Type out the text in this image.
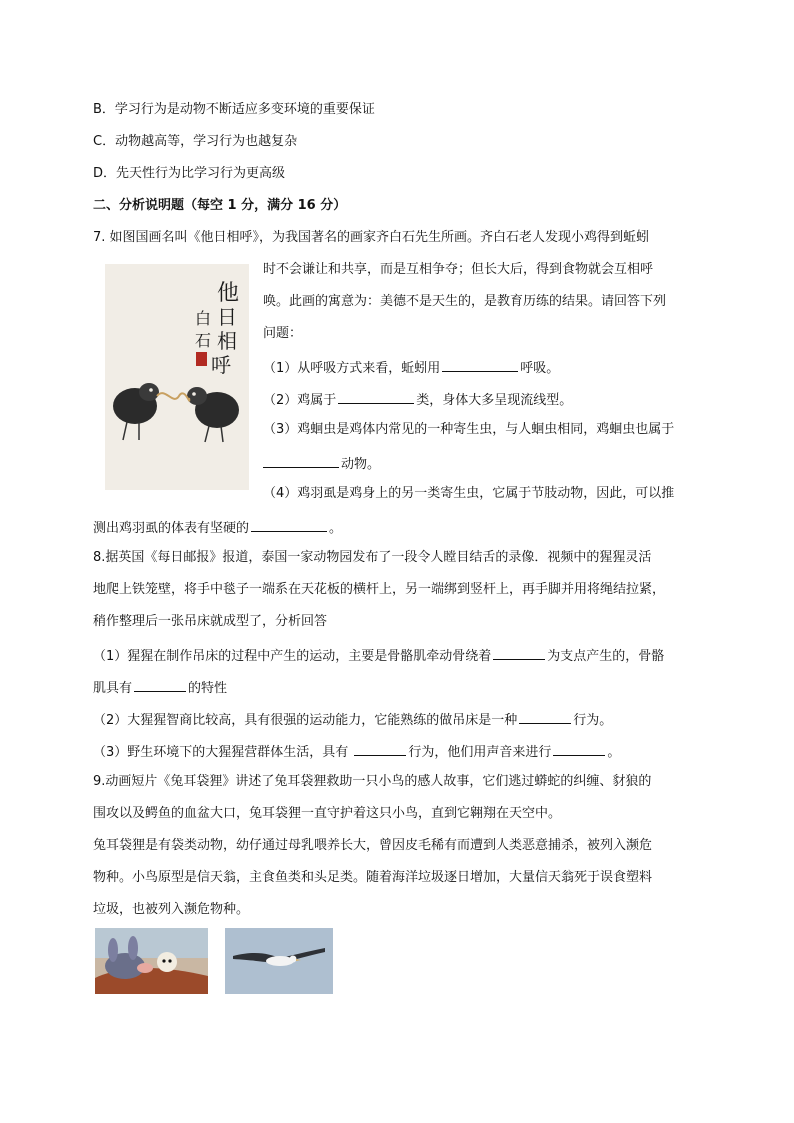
B．学习行为是动物不断适应多变环境的重要保证
C．动物越高等，学习行为也越复杂
D．先天性行为比学习行为更高级
二、分析说明题（每空 1 分，满分 16 分）
7. 如图国画名叫《他日相呼》，为我国著名的画家齐白石先生所画。齐白石老人发现小鸡得到蚯蚓
他
日
相
呼
白
石
时不会谦让和共享，而是互相争夺；但长大后，得到食物就会互相呼
唤。此画的寓意为：美德不是天生的，是教育历练的结果。请回答下列
问题：
（1）从呼吸方式来看，蚯蚓用	呼吸。
（2）鸡属于	类，身体大多呈现流线型。
（3）鸡蛔虫是鸡体内常见的一种寄生虫，与人蛔虫相同，鸡蛔虫也属于
动物。
（4）鸡羽虱是鸡身上的另一类寄生虫，它属于节肢动物，因此，可以推
测出鸡羽虱的体表有坚硬的	。
8.据英国《每日邮报》报道，泰国一家动物园发布了一段令人瞠目结舌的录像．视频中的猩猩灵活
地爬上铁笼壁，将手中毯子一端系在天花板的横杆上，另一端绑到竖杆上，再手脚并用将绳结拉紧，
稍作整理后一张吊床就成型了，分析回答
（1）猩猩在制作吊床的过程中产生的运动，主要是骨骼肌牵动骨绕着	为支点产生的，骨骼
肌具有	的特性
（2）大猩猩智商比较高，具有很强的运动能力，它能熟练的做吊床是一种	行为。
（3）野生环境下的大猩猩营群体生活，具有	行为，他们用声音来进行	。
9.动画短片《兔耳袋狸》讲述了兔耳袋狸救助一只小鸟的感人故事，它们逃过蟒蛇的纠缠、豺狼的
围攻以及鳄鱼的血盆大口，兔耳袋狸一直守护着这只小鸟，直到它翱翔在天空中。
兔耳袋狸是有袋类动物，幼仔通过母乳喂养长大，曾因皮毛稀有而遭到人类恶意捕杀，被列入濒危
物种。小鸟原型是信天翁，主食鱼类和头足类。随着海洋垃圾逐日增加，大量信天翁死于误食塑料
垃圾，也被列入濒危物种。
